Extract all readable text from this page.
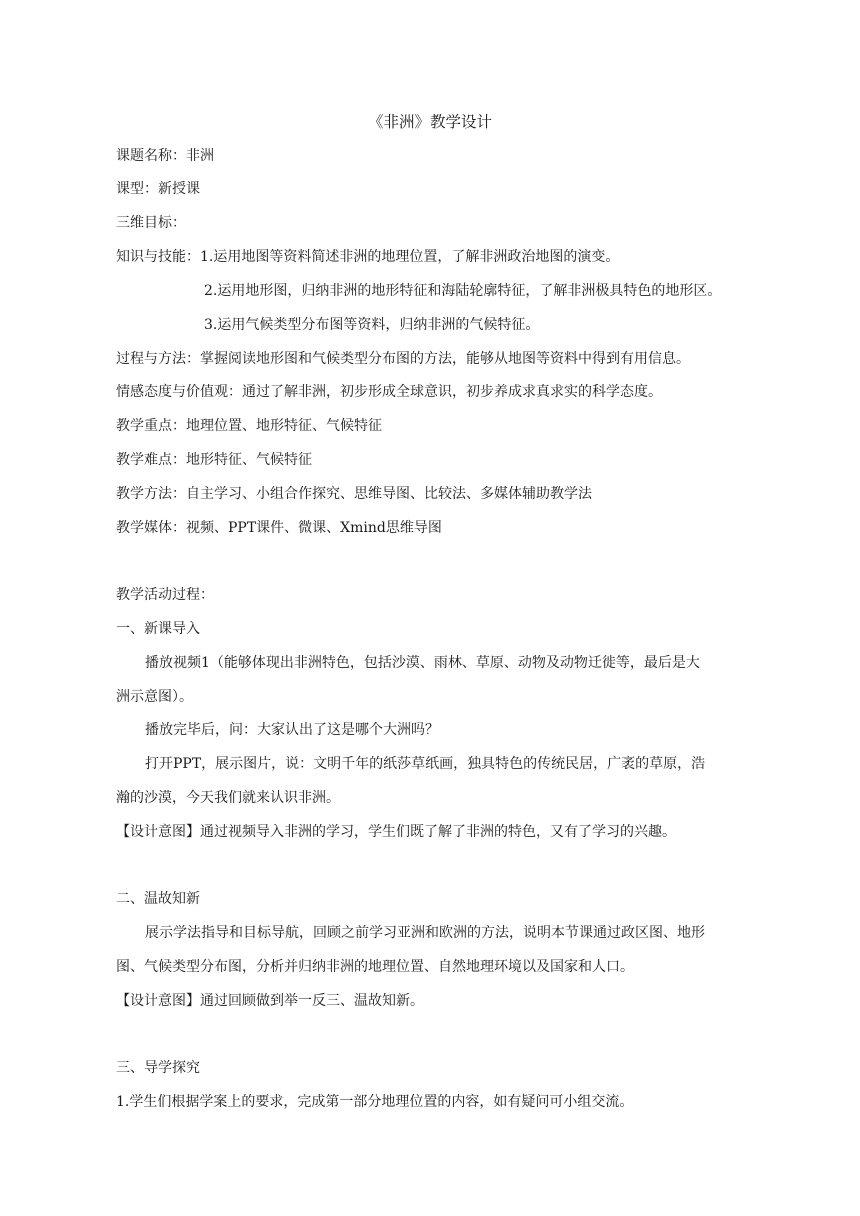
《非洲》教学设计
课题名称：非洲
课型：新授课
三维目标：
知识与技能：1.运用地图等资料简述非洲的地理位置，了解非洲政治地图的演变。
2.运用地形图，归纳非洲的地形特征和海陆轮廓特征，了解非洲极具特色的地形区。
3.运用气候类型分布图等资料，归纳非洲的气候特征。
过程与方法：掌握阅读地形图和气候类型分布图的方法，能够从地图等资料中得到有用信息。
情感态度与价值观：通过了解非洲，初步形成全球意识，初步养成求真求实的科学态度。
教学重点：地理位置、地形特征、气候特征
教学难点：地形特征、气候特征
教学方法：自主学习、小组合作探究、思维导图、比较法、多媒体辅助教学法
教学媒体：视频、PPT课件、微课、Xmind思维导图
教学活动过程：
一、新课导入
播放视频1（能够体现出非洲特色，包括沙漠、雨林、草原、动物及动物迁徙等，最后是大
洲示意图）。
播放完毕后，问：大家认出了这是哪个大洲吗？
打开PPT，展示图片，说：文明千年的纸莎草纸画，独具特色的传统民居，广袤的草原，浩
瀚的沙漠，今天我们就来认识非洲。
【设计意图】通过视频导入非洲的学习，学生们既了解了非洲的特色，又有了学习的兴趣。
二、温故知新
展示学法指导和目标导航，回顾之前学习亚洲和欧洲的方法，说明本节课通过政区图、地形
图、气候类型分布图，分析并归纳非洲的地理位置、自然地理环境以及国家和人口。
【设计意图】通过回顾做到举一反三、温故知新。
三、导学探究
1.学生们根据学案上的要求，完成第一部分地理位置的内容，如有疑问可小组交流。
